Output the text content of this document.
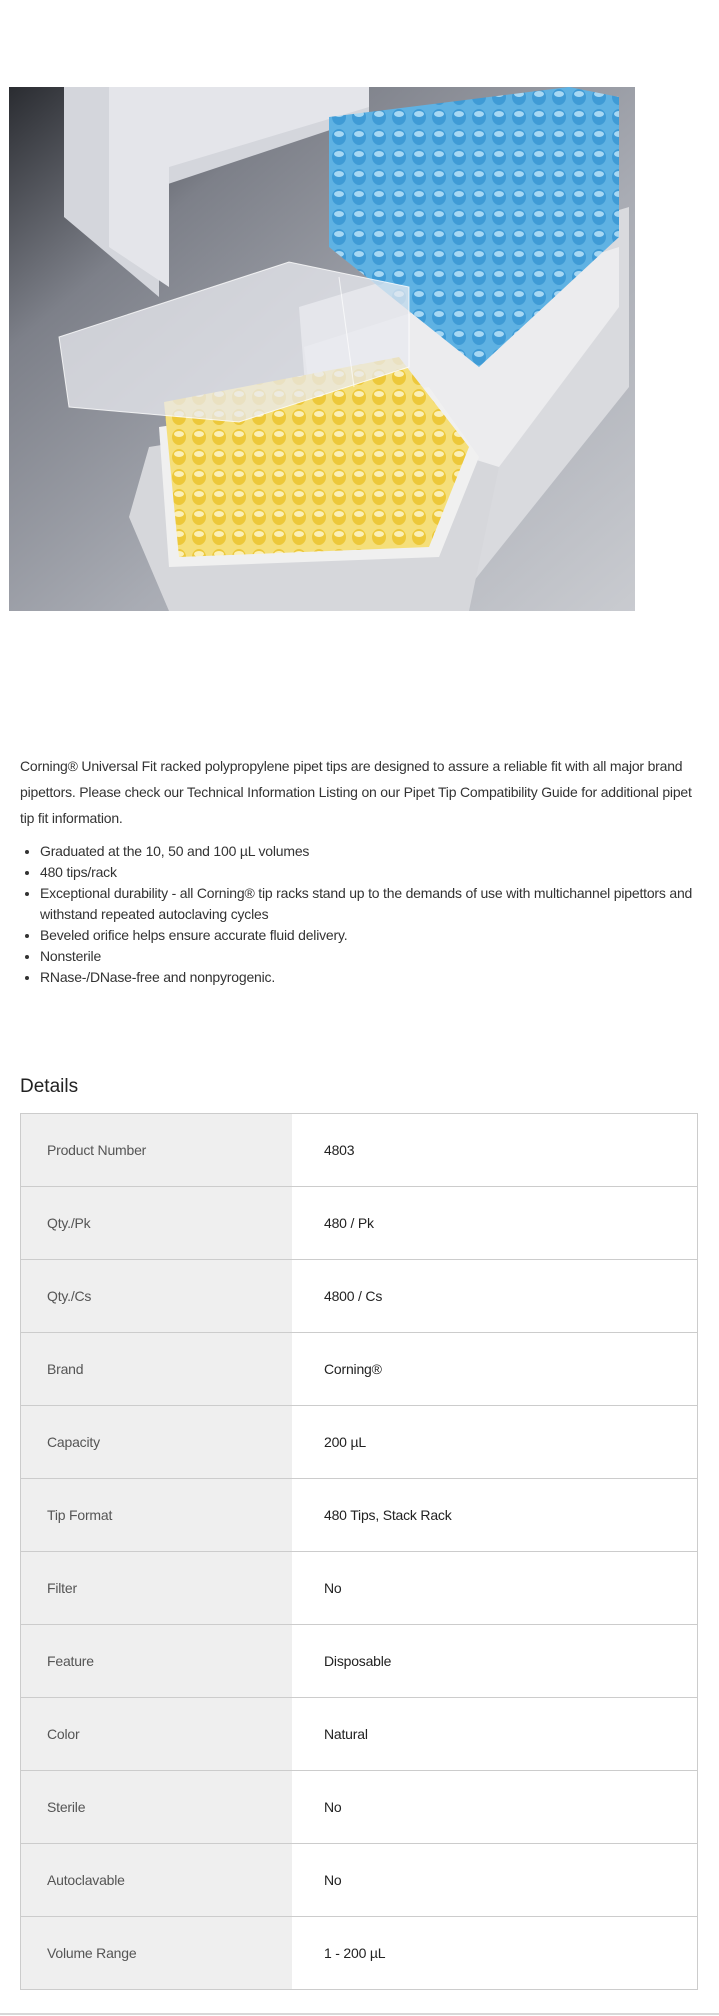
Corning® Universal Fit racked polypropylene pipet tips are designed to assure a reliable fit with all major brand pipettors. Please check our Technical Information Listing on our Pipet Tip Compatibility Guide for additional pipet tip fit information.

• Graduated at the 10, 50 and 100 µL volumes
• 480 tips/rack
• Exceptional durability - all Corning® tip racks stand up to the demands of use with multichannel pipettors and withstand repeated autoclaving cycles
• Beveled orifice helps ensure accurate fluid delivery.
• Nonsterile
• RNase-/DNase-free and nonpyrogenic.
Details
Product Number	4803
Qty./Pk	480 / Pk
Qty./Cs	4800 / Cs
Brand	Corning®
Capacity	200 µL
Tip Format	480 Tips, Stack Rack
Filter	No
Feature	Disposable
Color	Natural
Sterile	No
Autoclavable	No
Volume Range	1 - 200 µL
